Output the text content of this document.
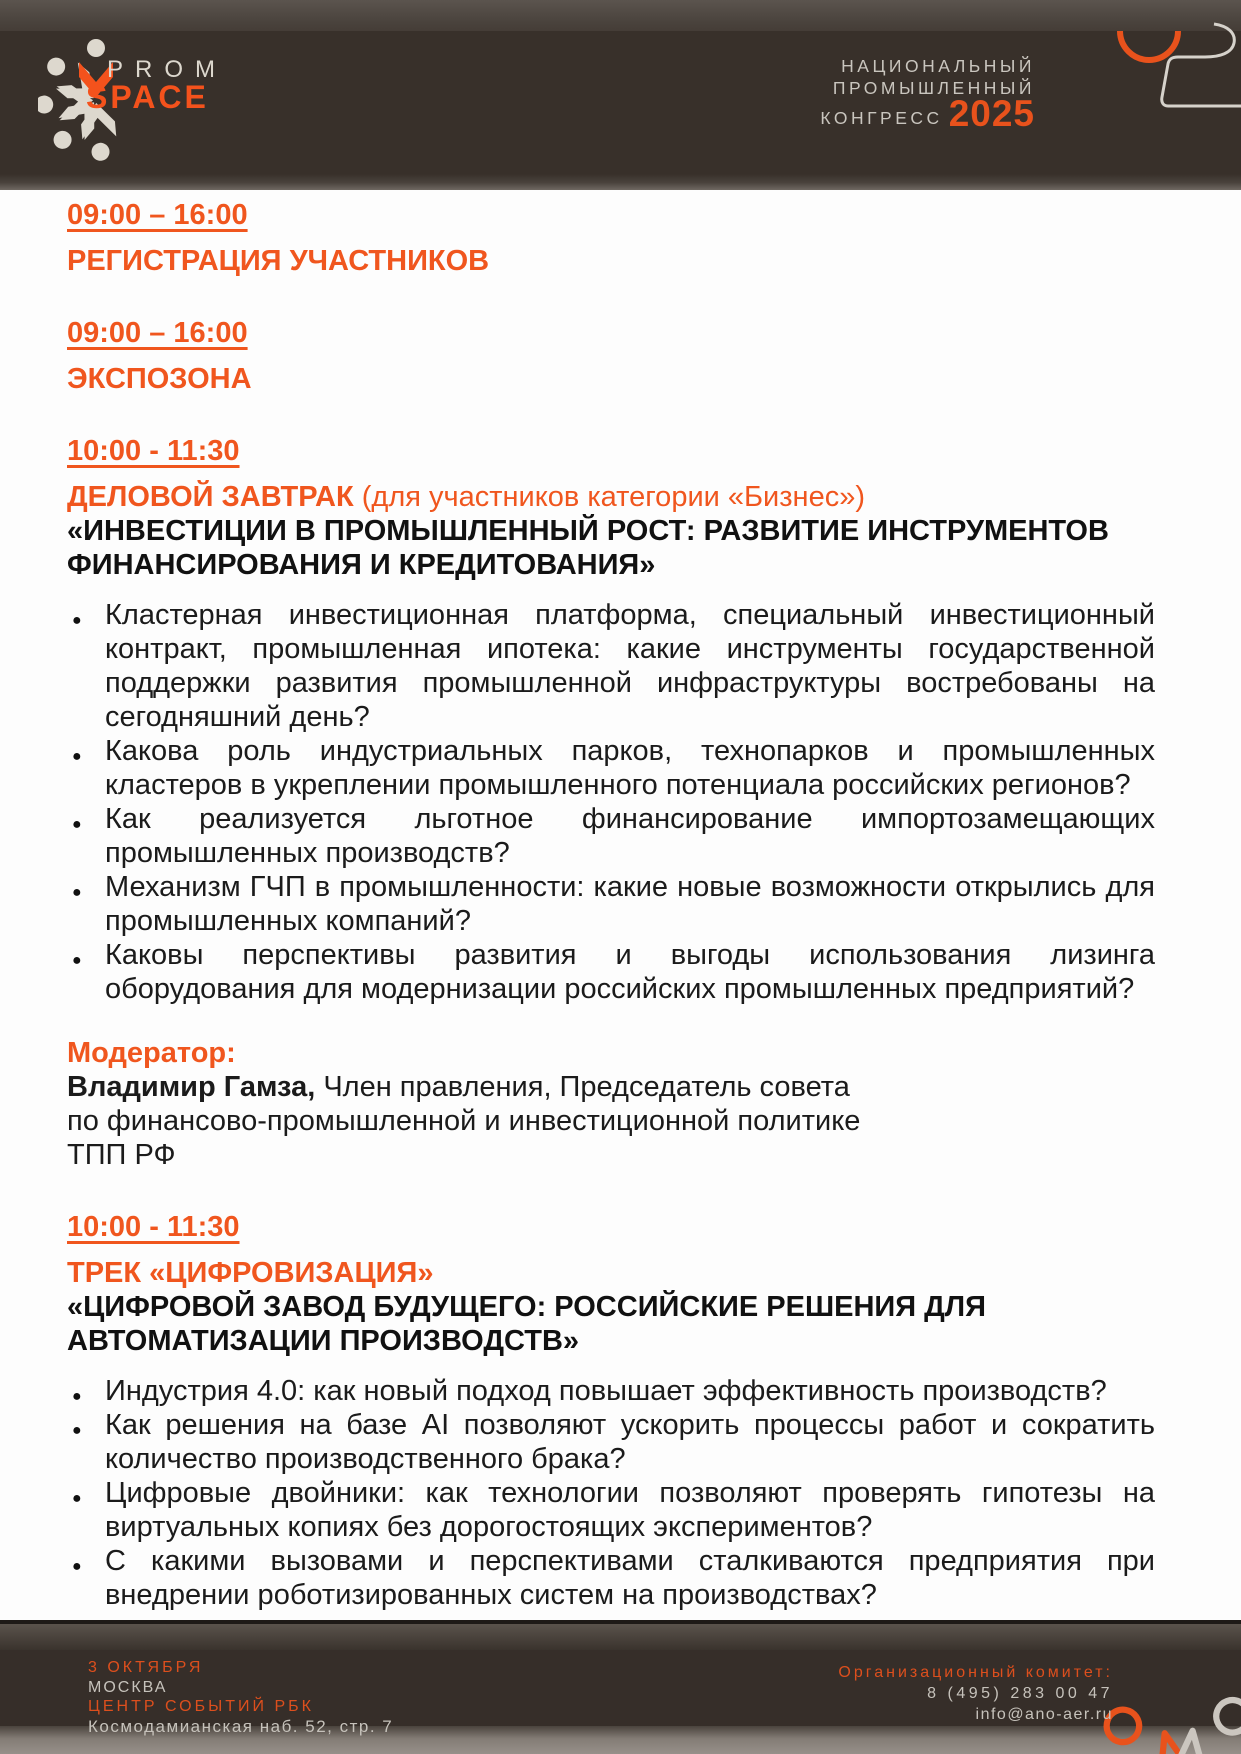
PROM
SPACE
НАЦИОНАЛЬНЫЙ
ПРОМЫШЛЕННЫЙ
КОНГРЕСС 2025
09:00 – 16:00
РЕГИСТРАЦИЯ УЧАСТНИКОВ
09:00 – 16:00
ЭКСПОЗОНА
10:00 - 11:30
ДЕЛОВОЙ ЗАВТРАК (для участников категории «Бизнес»)
«ИНВЕСТИЦИИ В ПРОМЫШЛЕННЫЙ РОСТ: РАЗВИТИЕ ИНСТРУМЕНТОВ ФИНАНСИРОВАНИЯ И КРЕДИТОВАНИЯ»
● Кластерная инвестиционная платформа, специальный инвестиционный контракт, промышленная ипотека: какие инструменты государственной поддержки развития промышленной инфраструктуры востребованы на сегодняшний день?
● Какова роль индустриальных парков, технопарков и промышленных кластеров в укреплении промышленного потенциала российских регионов?
● Как реализуется льготное финансирование импортозамещающих промышленных производств?
● Механизм ГЧП в промышленности: какие новые возможности открылись для промышленных компаний?
● Каковы перспективы развития и выгоды использования лизинга оборудования для модернизации российских промышленных предприятий?
Модератор:
Владимир Гамза, Член правления, Председатель совета по финансово-промышленной и инвестиционной политике ТПП РФ
10:00 - 11:30
ТРЕК «ЦИФРОВИЗАЦИЯ»
«ЦИФРОВОЙ ЗАВОД БУДУЩЕГО: РОССИЙСКИЕ РЕШЕНИЯ ДЛЯ АВТОМАТИЗАЦИИ ПРОИЗВОДСТВ»
● Индустрия 4.0: как новый подход повышает эффективность производств?
● Как решения на базе AI позволяют ускорить процессы работ и сократить количество производственного брака?
● Цифровые двойники: как технологии позволяют проверять гипотезы на виртуальных копиях без дорогостоящих экспериментов?
● С какими вызовами и перспективами сталкиваются предприятия при внедрении роботизированных систем на производствах?
3 ОКТЯБРЯ
МОСКВА
ЦЕНТР СОБЫТИЙ РБК
Космодамианская наб. 52, стр. 7
Организационный комитет:
8 (495) 283 00 47
info@ano-aer.ru
